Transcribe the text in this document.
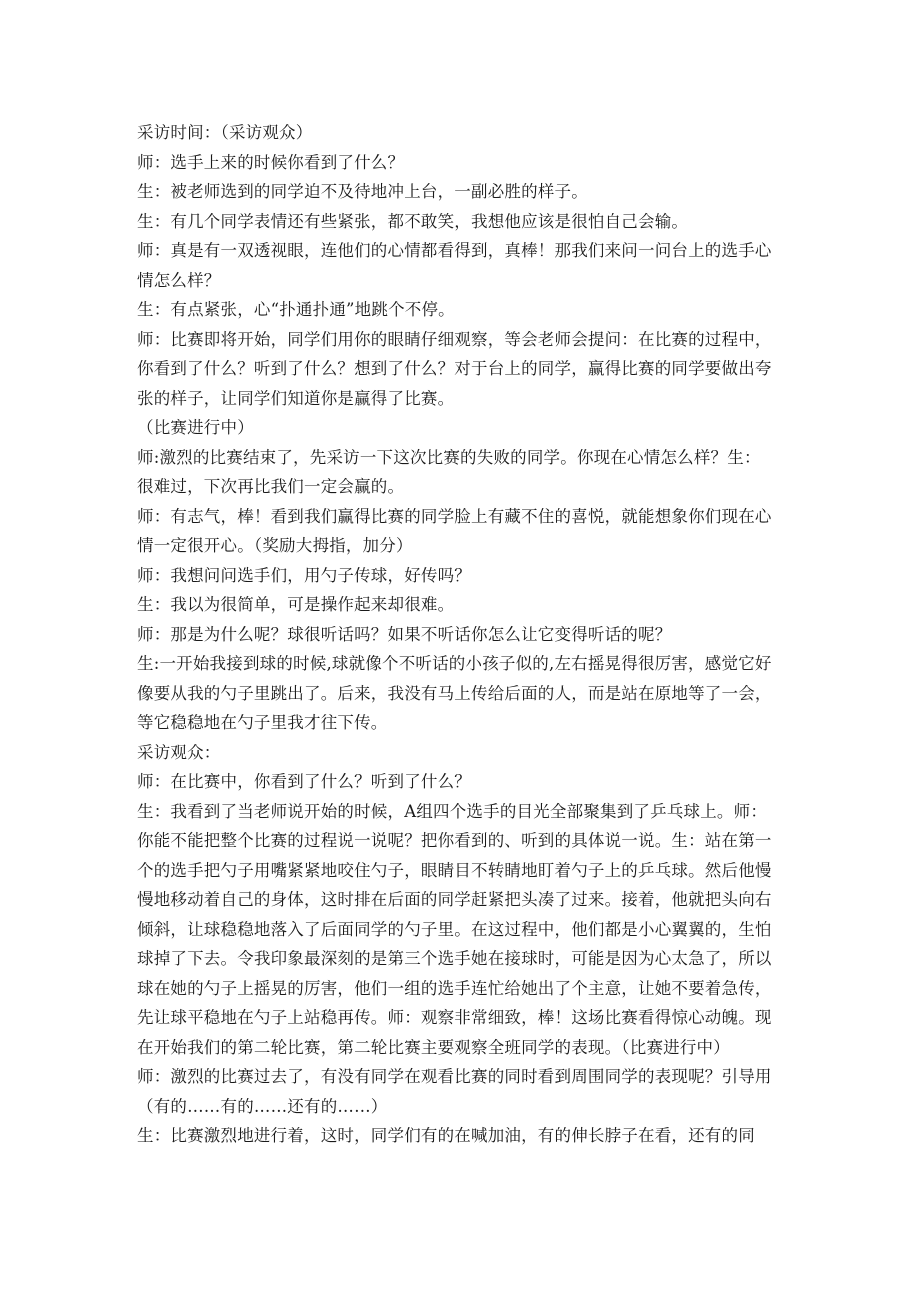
采访时间：（采访观众）

师：选手上来的时候你看到了什么？

生：被老师选到的同学迫不及待地冲上台，一副必胜的样子。

生：有几个同学表情还有些紧张，都不敢笑，我想他应该是很怕自己会输。

师：真是有一双透视眼，连他们的心情都看得到，真棒！那我们来问一问台上的选手心情怎么样？

生：有点紧张，心“扑通扑通”地跳个不停。

师：比赛即将开始，同学们用你的眼睛仔细观察，等会老师会提问：在比赛的过程中，你看到了什么？听到了什么？想到了什么？对于台上的同学，赢得比赛的同学要做出夸张的样子，让同学们知道你是赢得了比赛。

（比赛进行中）

师:激烈的比赛结束了，先采访一下这次比赛的失败的同学。你现在心情怎么样？生：很难过，下次再比我们一定会赢的。

师：有志气，棒！看到我们赢得比赛的同学脸上有藏不住的喜悦，就能想象你们现在心情一定很开心。（奖励大拇指，加分）

师：我想问问选手们，用勺子传球，好传吗？

生：我以为很简单，可是操作起来却很难。

师：那是为什么呢？球很听话吗？如果不听话你怎么让它变得听话的呢？

生:一开始我接到球的时候,球就像个不听话的小孩子似的,左右摇晃得很厉害，感觉它好像要从我的勺子里跳出了。后来，我没有马上传给后面的人，而是站在原地等了一会，等它稳稳地在勺子里我才往下传。

采访观众：

师：在比赛中，你看到了什么？听到了什么？

生：我看到了当老师说开始的时候，A组四个选手的目光全部聚集到了乒乓球上。师：你能不能把整个比赛的过程说一说呢？把你看到的、听到的具体说一说。生：站在第一个的选手把勺子用嘴紧紧地咬住勺子，眼睛目不转睛地盯着勺子上的乒乓球。然后他慢慢地移动着自己的身体，这时排在后面的同学赶紧把头凑了过来。接着，他就把头向右倾斜，让球稳稳地落入了后面同学的勺子里。在这过程中，他们都是小心翼翼的，生怕球掉了下去。令我印象最深刻的是第三个选手她在接球时，可能是因为心太急了，所以球在她的勺子上摇晃的厉害，他们一组的选手连忙给她出了个主意，让她不要着急传，先让球平稳地在勺子上站稳再传。师：观察非常细致，棒！这场比赛看得惊心动魄。现在开始我们的第二轮比赛，第二轮比赛主要观察全班同学的表现。（比赛进行中）

师：激烈的比赛过去了，有没有同学在观看比赛的同时看到周围同学的表现呢？引导用（有的……有的……还有的……）

生：比赛激烈地进行着，这时，同学们有的在喊加油，有的伸长脖子在看，还有的同
